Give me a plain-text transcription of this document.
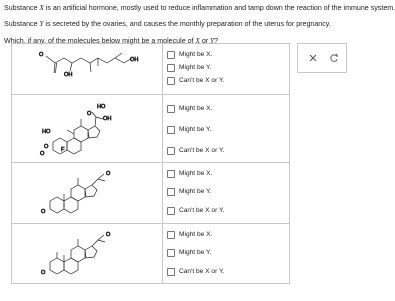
Substance X is an artificial hormone, mostly used to reduce inflammation and tamp down the reaction of the immune system.

Substance Y is secreted by the ovaries, and causes the monthly preparation of the uterus for pregnancy.

Which, if any, of the molecules below might be a molecule of X or Y?

O
OH
OH
Might be X.
Might be Y.
Can't be X or Y.
O
HO
HO
O
OH
F
O
Might be X.
Might be Y.
Can't be X or Y.
O
O	Might be X.
Might be Y.
Can't be X or Y.
O
O	Might be X.
Might be Y.
Can't be X or Y.
